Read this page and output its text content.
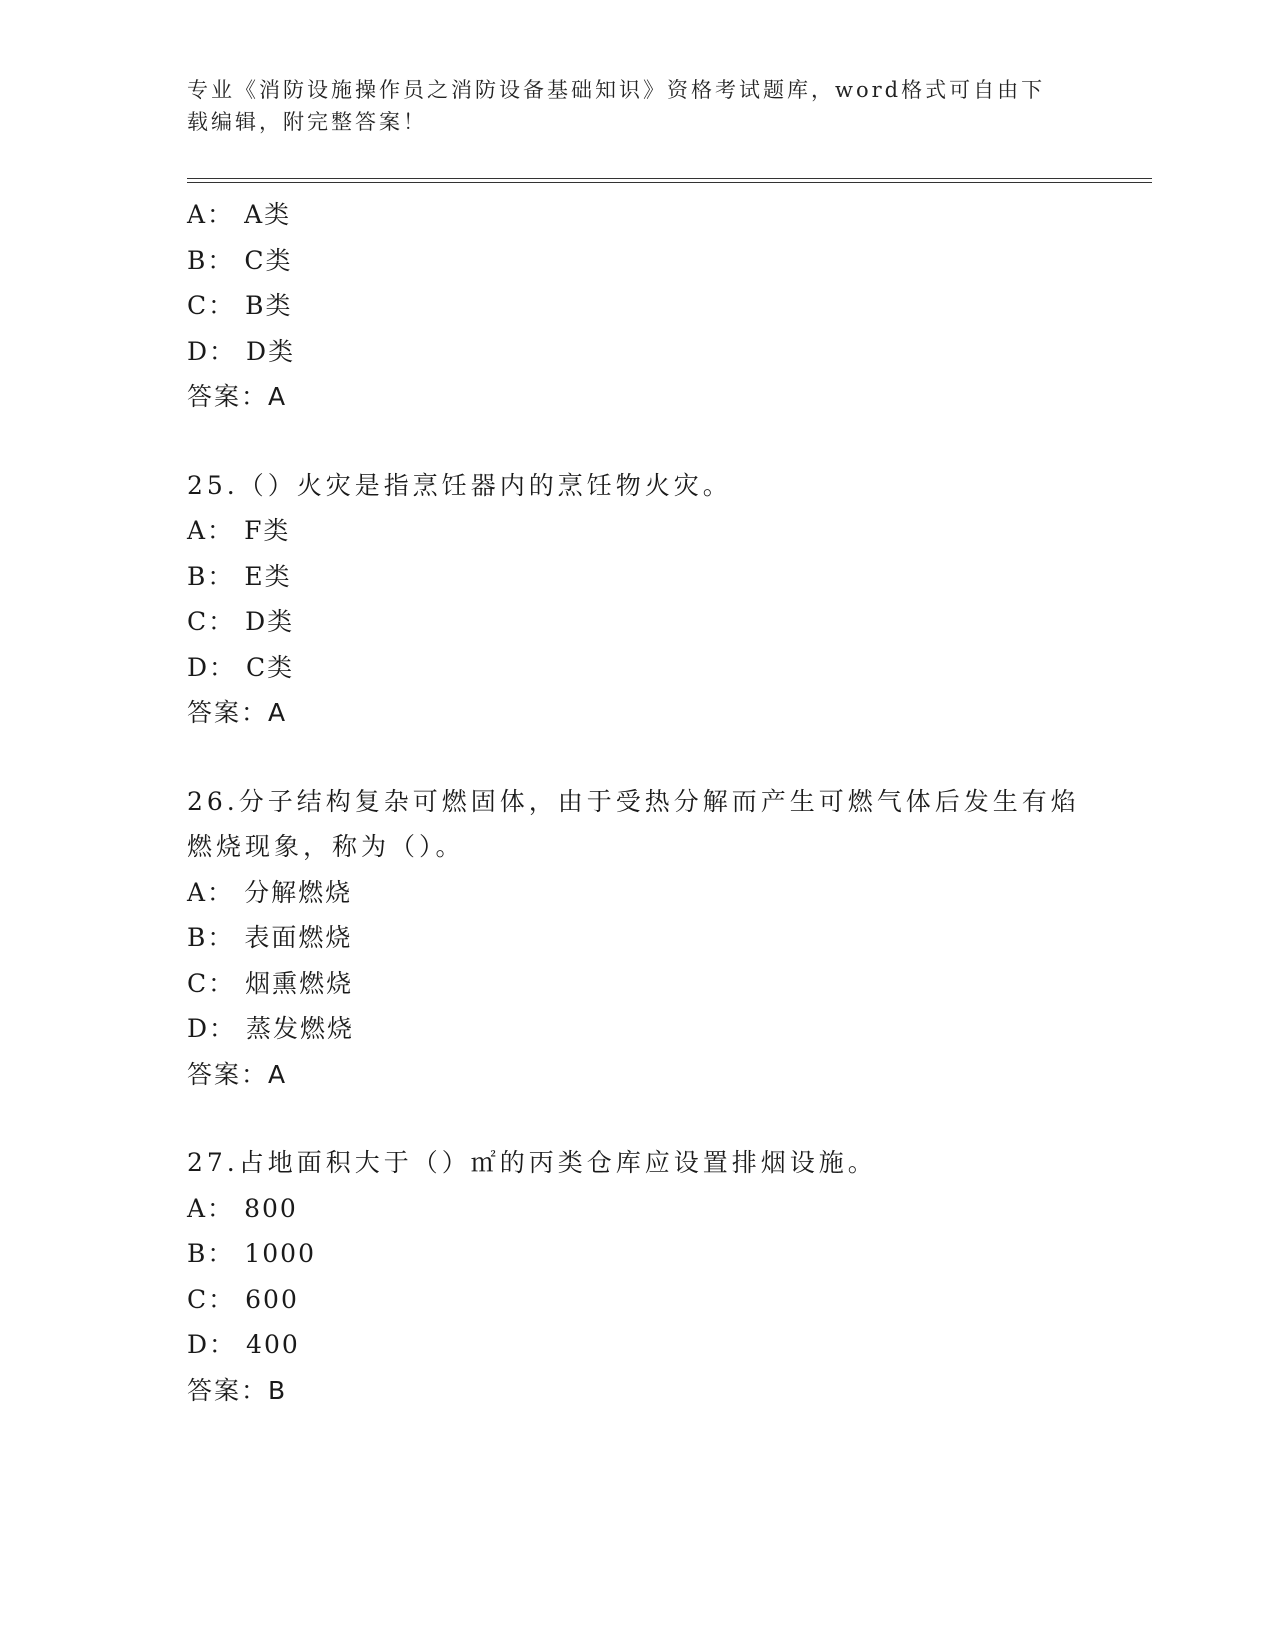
专业《消防设施操作员之消防设备基础知识》资格考试题库，word格式可自由下
载编辑，附完整答案！
A： A类
B： C类
C： B类
D： D类
答案：A
25.（）火灾是指烹饪器内的烹饪物火灾。
A： F类
B： E类
C： D类
D： C类
答案：A
26.分子结构复杂可燃固体，由于受热分解而产生可燃气体后发生有焰
燃烧现象，称为（）。
A： 分解燃烧
B： 表面燃烧
C： 烟熏燃烧
D： 蒸发燃烧
答案：A
27.占地面积大于（）㎡的丙类仓库应设置排烟设施。
A： 800
B： 1000
C： 600
D： 400
答案：B
